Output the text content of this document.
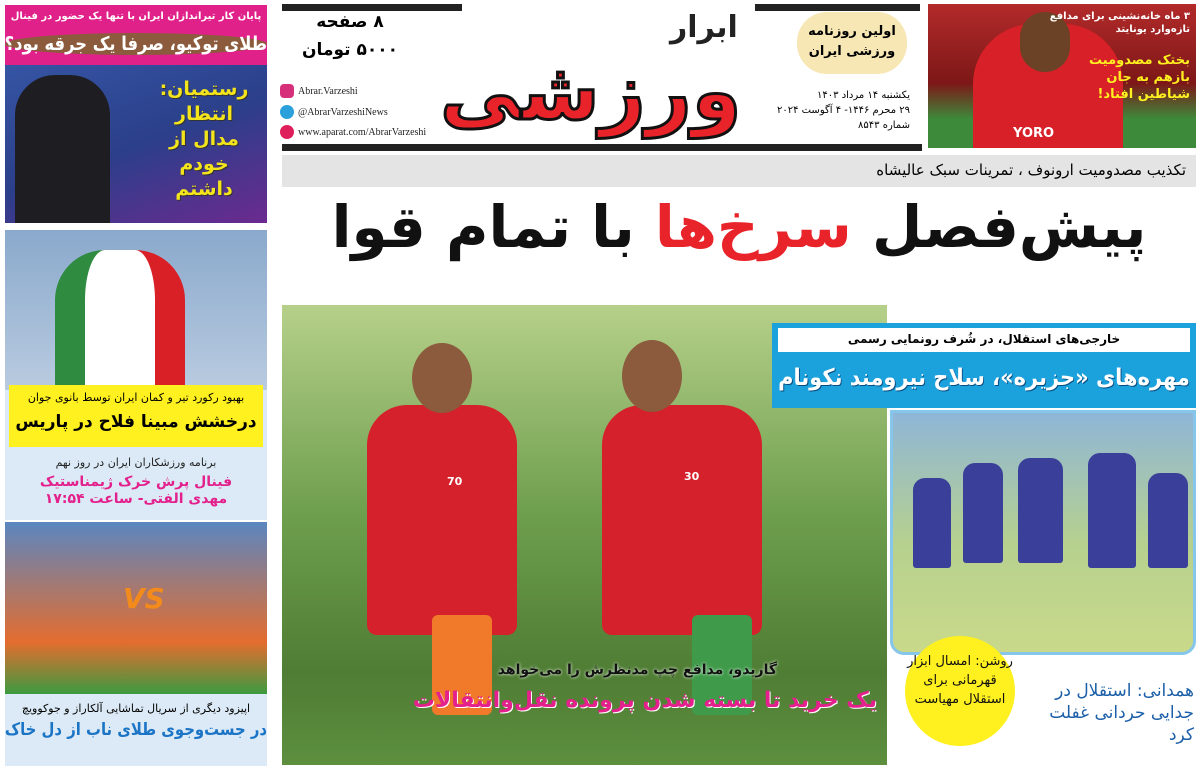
پایان کار تیراندازان ایران با تنها یک حضور در فینال
طلای توکیو، صرفا یک جرقه بود؟
رستمیان: انتظار مدال از خودم داشتم
بهبود رکورد تیر و کمان ایران توسط بانوی جوان
درخشش مبینا فلاح در پاریس
برنامه ورزشکاران ایران در روز نهم
فینال پرش خرک ژیمناستیک
مهدی الفتی- ساعت ۱۷:۵۴
VS
اپیزود دیگری از سریال تماشایی آلکاراز و جوکوویچ
در جست‌وجوی طلای ناب از دل خاک
ورزشی
ابرار	اولین روزنامه
ورزشی ایران
۸ صفحه
۵۰۰۰ تومان
Abrar.Varzeshi
@AbrarVarzeshiNews
www.aparat.com/AbrarVarzeshi
یکشنبه ۱۴ مرداد ۱۴۰۳
۲۹ محرم ۱۴۴۶- ۴ آگوست ۲۰۲۴
شماره ۸۵۴۳
YORO
۳ ماه خانه‌نشینی برای مدافع تازه‌وارد یونایتد
بختک مصدومیت بازهم به جان شیاطین افتاد!
تکذیب مصدومیت ارونوف ، تمرینات سبک عالیشاه
پیش‌فصل سرخ‌ها با تمام قوا
70	30
گاریدو، مدافع چپ مدنظرش را می‌خواهد
یک خرید تا بسته شدن پرونده نقل‌وانتقالات
خارجی‌های استقلال، در شُرف رونمایی رسمی
مهره‌های «جزیره»، سلاح نیرومند نکونام
روشن: امسال ابزار قهرمانی برای استقلال مهیاست	همدانی: استقلال در جدایی حردانی غفلت کرد
